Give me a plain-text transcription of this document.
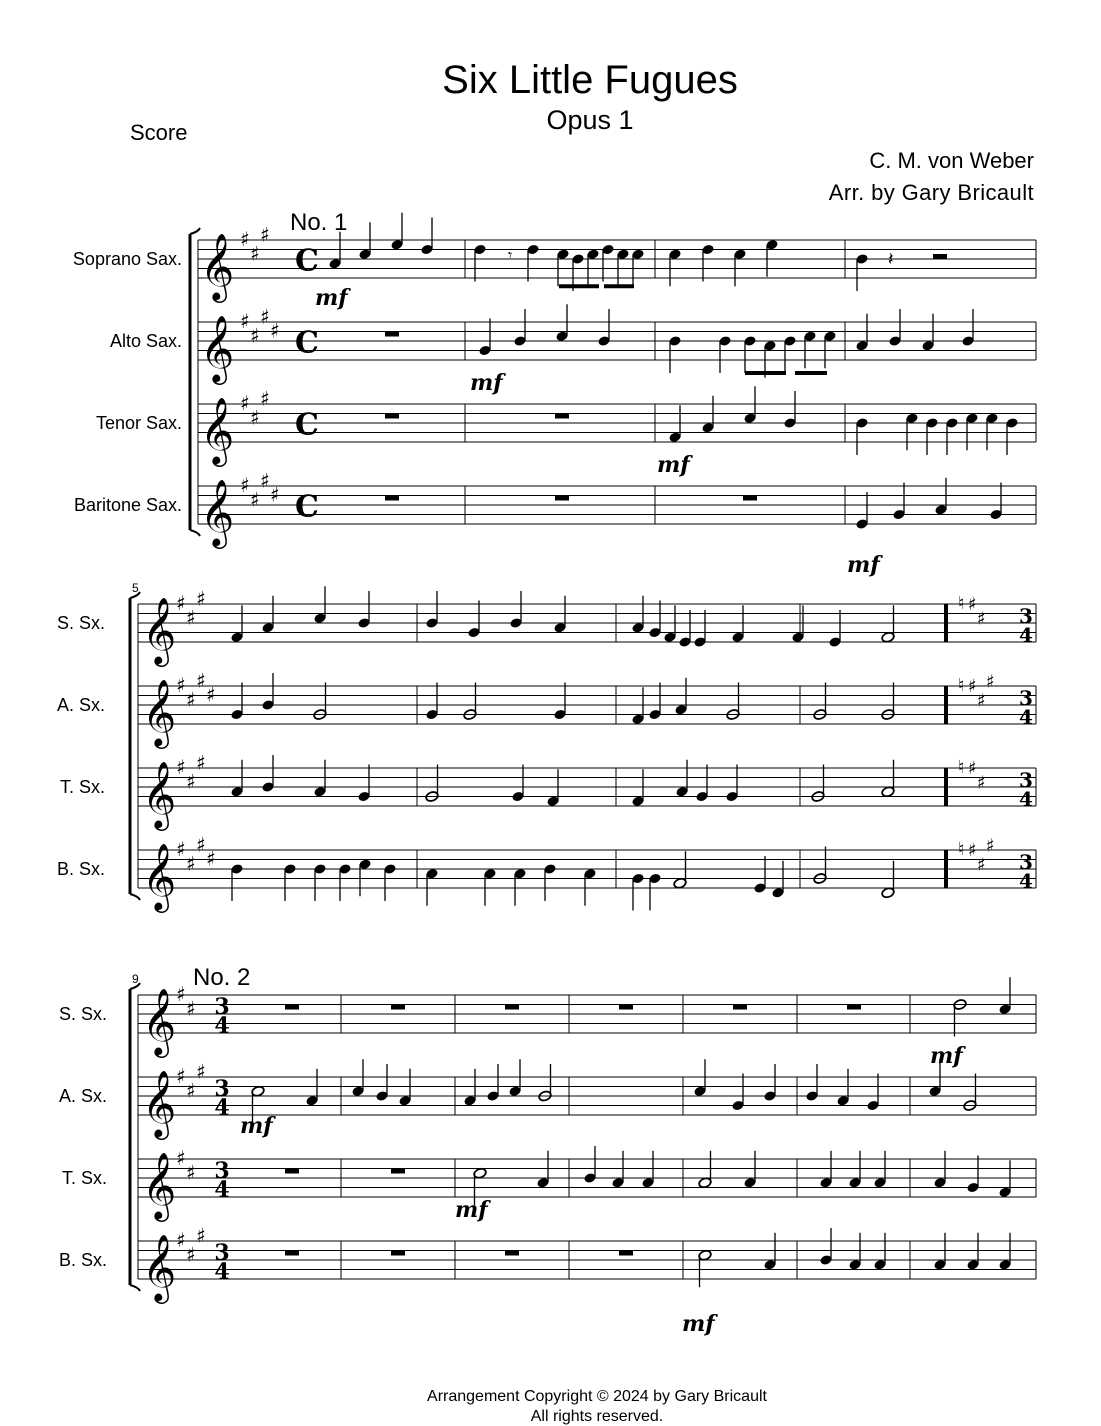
Six Little Fugues
Opus 1
Score
C. M. von Weber
Arr. by Gary Bricault
No. 1
Soprano Sax. 𝄞 ♯
♯
♯
C
Alto Sax. 𝄞 ♯
♯
♯
♯ C
Tenor Sax. 𝄞 ♯
♯
♯
C
Baritone Sax. 𝄞 ♯
♯
♯
♯ C
mf
𝄾	𝄽
mf
mf
mf
5
S. Sx. 𝄞 ♯
♯
♯
A. Sx. 𝄞 ♯
♯
♯
♯
T. Sx. 𝄞 ♯
♯
♯
B. Sx. 𝄞 ♯
♯
♯
♯
♮ ♯
♯ 3
4
♮ ♯
♯
♯
3
4
♮ ♯
♯ 3
4
♮ ♯
♯
♯
3
4
9 No. 2
S. Sx. 𝄞 ♯
♯ 3
4
A. Sx. 𝄞 ♯
♯
♯
3
4
T. Sx. 𝄞 ♯
♯ 3
4
B. Sx. 𝄞 ♯
♯
♯
3
4
mf
mf
mf
mf
Arrangement Copyright © 2024 by Gary Bricault
All rights reserved.
